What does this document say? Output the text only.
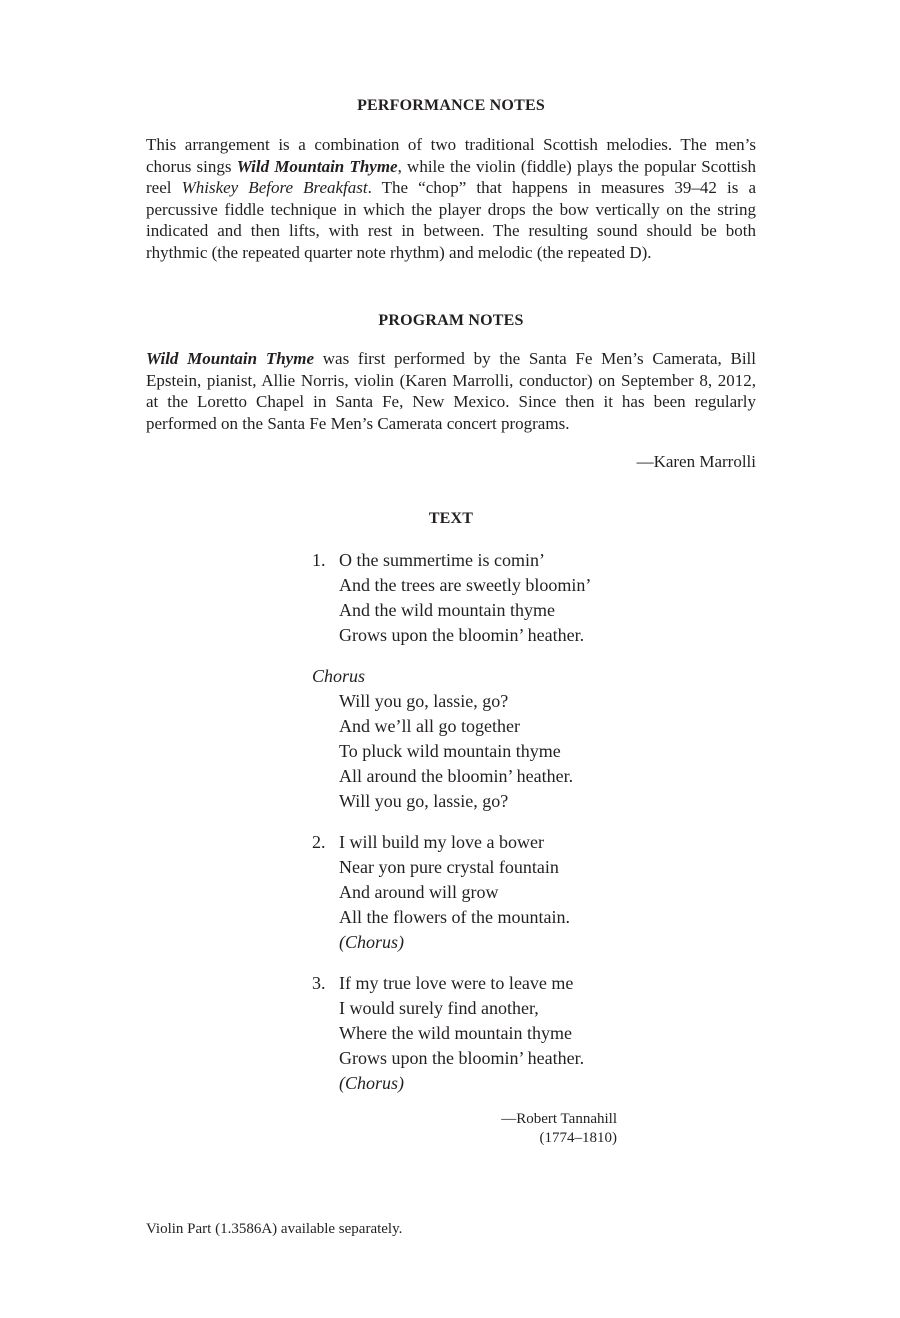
PERFORMANCE NOTES

This arrangement is a combination of two traditional Scottish melodies. The men’s chorus sings Wild Mountain Thyme, while the violin (fiddle) plays the popular Scottish reel Whiskey Before Breakfast. The “chop” that happens in measures 39–42 is a percussive fiddle technique in which the player drops the bow vertically on the string indicated and then lifts, with rest in between. The resulting sound should be both rhythmic (the repeated quarter note rhythm) and melodic (the repeated D).

PROGRAM NOTES

Wild Mountain Thyme was first performed by the Santa Fe Men’s Camerata, Bill Epstein, pianist, Allie Norris, violin (Karen Marrolli, conductor) on September 8, 2012, at the Loretto Chapel in Santa Fe, New Mexico. Since then it has been regularly performed on the Santa Fe Men’s Camerata concert programs.

—Karen Marrolli
TEXT
1. O the summertime is comin’
And the trees are sweetly bloomin’
And the wild mountain thyme
Grows upon the bloomin’ heather.
Chorus
Will you go, lassie, go?
And we’ll all go together
To pluck wild mountain thyme
All around the bloomin’ heather.
Will you go, lassie, go?
2. I will build my love a bower
Near yon pure crystal fountain
And around will grow
All the flowers of the mountain.
(Chorus)
3. If my true love were to leave me
I would surely find another,
Where the wild mountain thyme
Grows upon the bloomin’ heather.
(Chorus)
—Robert Tannahill
(1774–1810)
Violin Part (1.3586A) available separately.
